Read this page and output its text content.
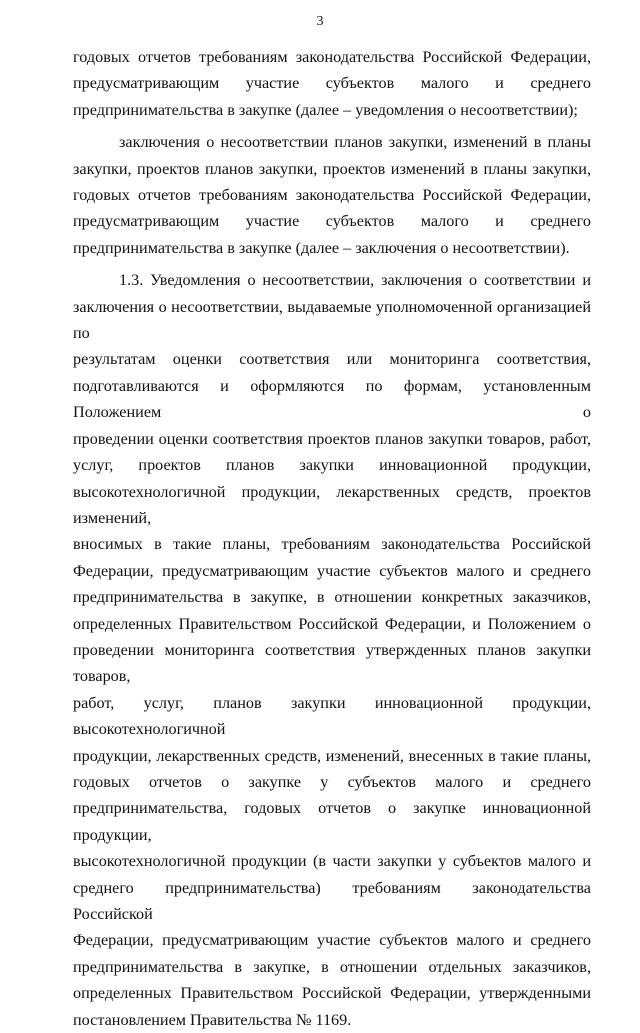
3

годовых отчетов требованиям законодательства Российской Федерации,

предусматривающим участие субъектов малого и среднего

предпринимательства в закупке (далее – уведомления о несоответствии);

заключения о несоответствии планов закупки, изменений в планы

закупки, проектов планов закупки, проектов изменений в планы закупки,

годовых отчетов требованиям законодательства Российской Федерации,

предусматривающим участие субъектов малого и среднего

предпринимательства в закупке (далее – заключения о несоответствии).

1.3. Уведомления о несоответствии, заключения о соответствии и

заключения о несоответствии, выдаваемые уполномоченной организацией по

результатам оценки соответствия или мониторинга соответствия,

подготавливаются и оформляются по формам, установленным Положением о

проведении оценки соответствия проектов планов закупки товаров, работ,

услуг, проектов планов закупки инновационной продукции,

высокотехнологичной продукции, лекарственных средств, проектов изменений,

вносимых в такие планы, требованиям законодательства Российской

Федерации, предусматривающим участие субъектов малого и среднего

предпринимательства в закупке, в отношении конкретных заказчиков,

определенных Правительством Российской Федерации, и Положением о

проведении мониторинга соответствия утвержденных планов закупки товаров,

работ, услуг, планов закупки инновационной продукции, высокотехнологичной

продукции, лекарственных средств, изменений, внесенных в такие планы,

годовых отчетов о закупке у субъектов малого и среднего

предпринимательства, годовых отчетов о закупке инновационной продукции,

высокотехнологичной продукции (в части закупки у субъектов малого и

среднего предпринимательства) требованиям законодательства Российской

Федерации, предусматривающим участие субъектов малого и среднего

предпринимательства в закупке, в отношении отдельных заказчиков,

определенных Правительством Российской Федерации, утвержденными

постановлением Правительства № 1169.
